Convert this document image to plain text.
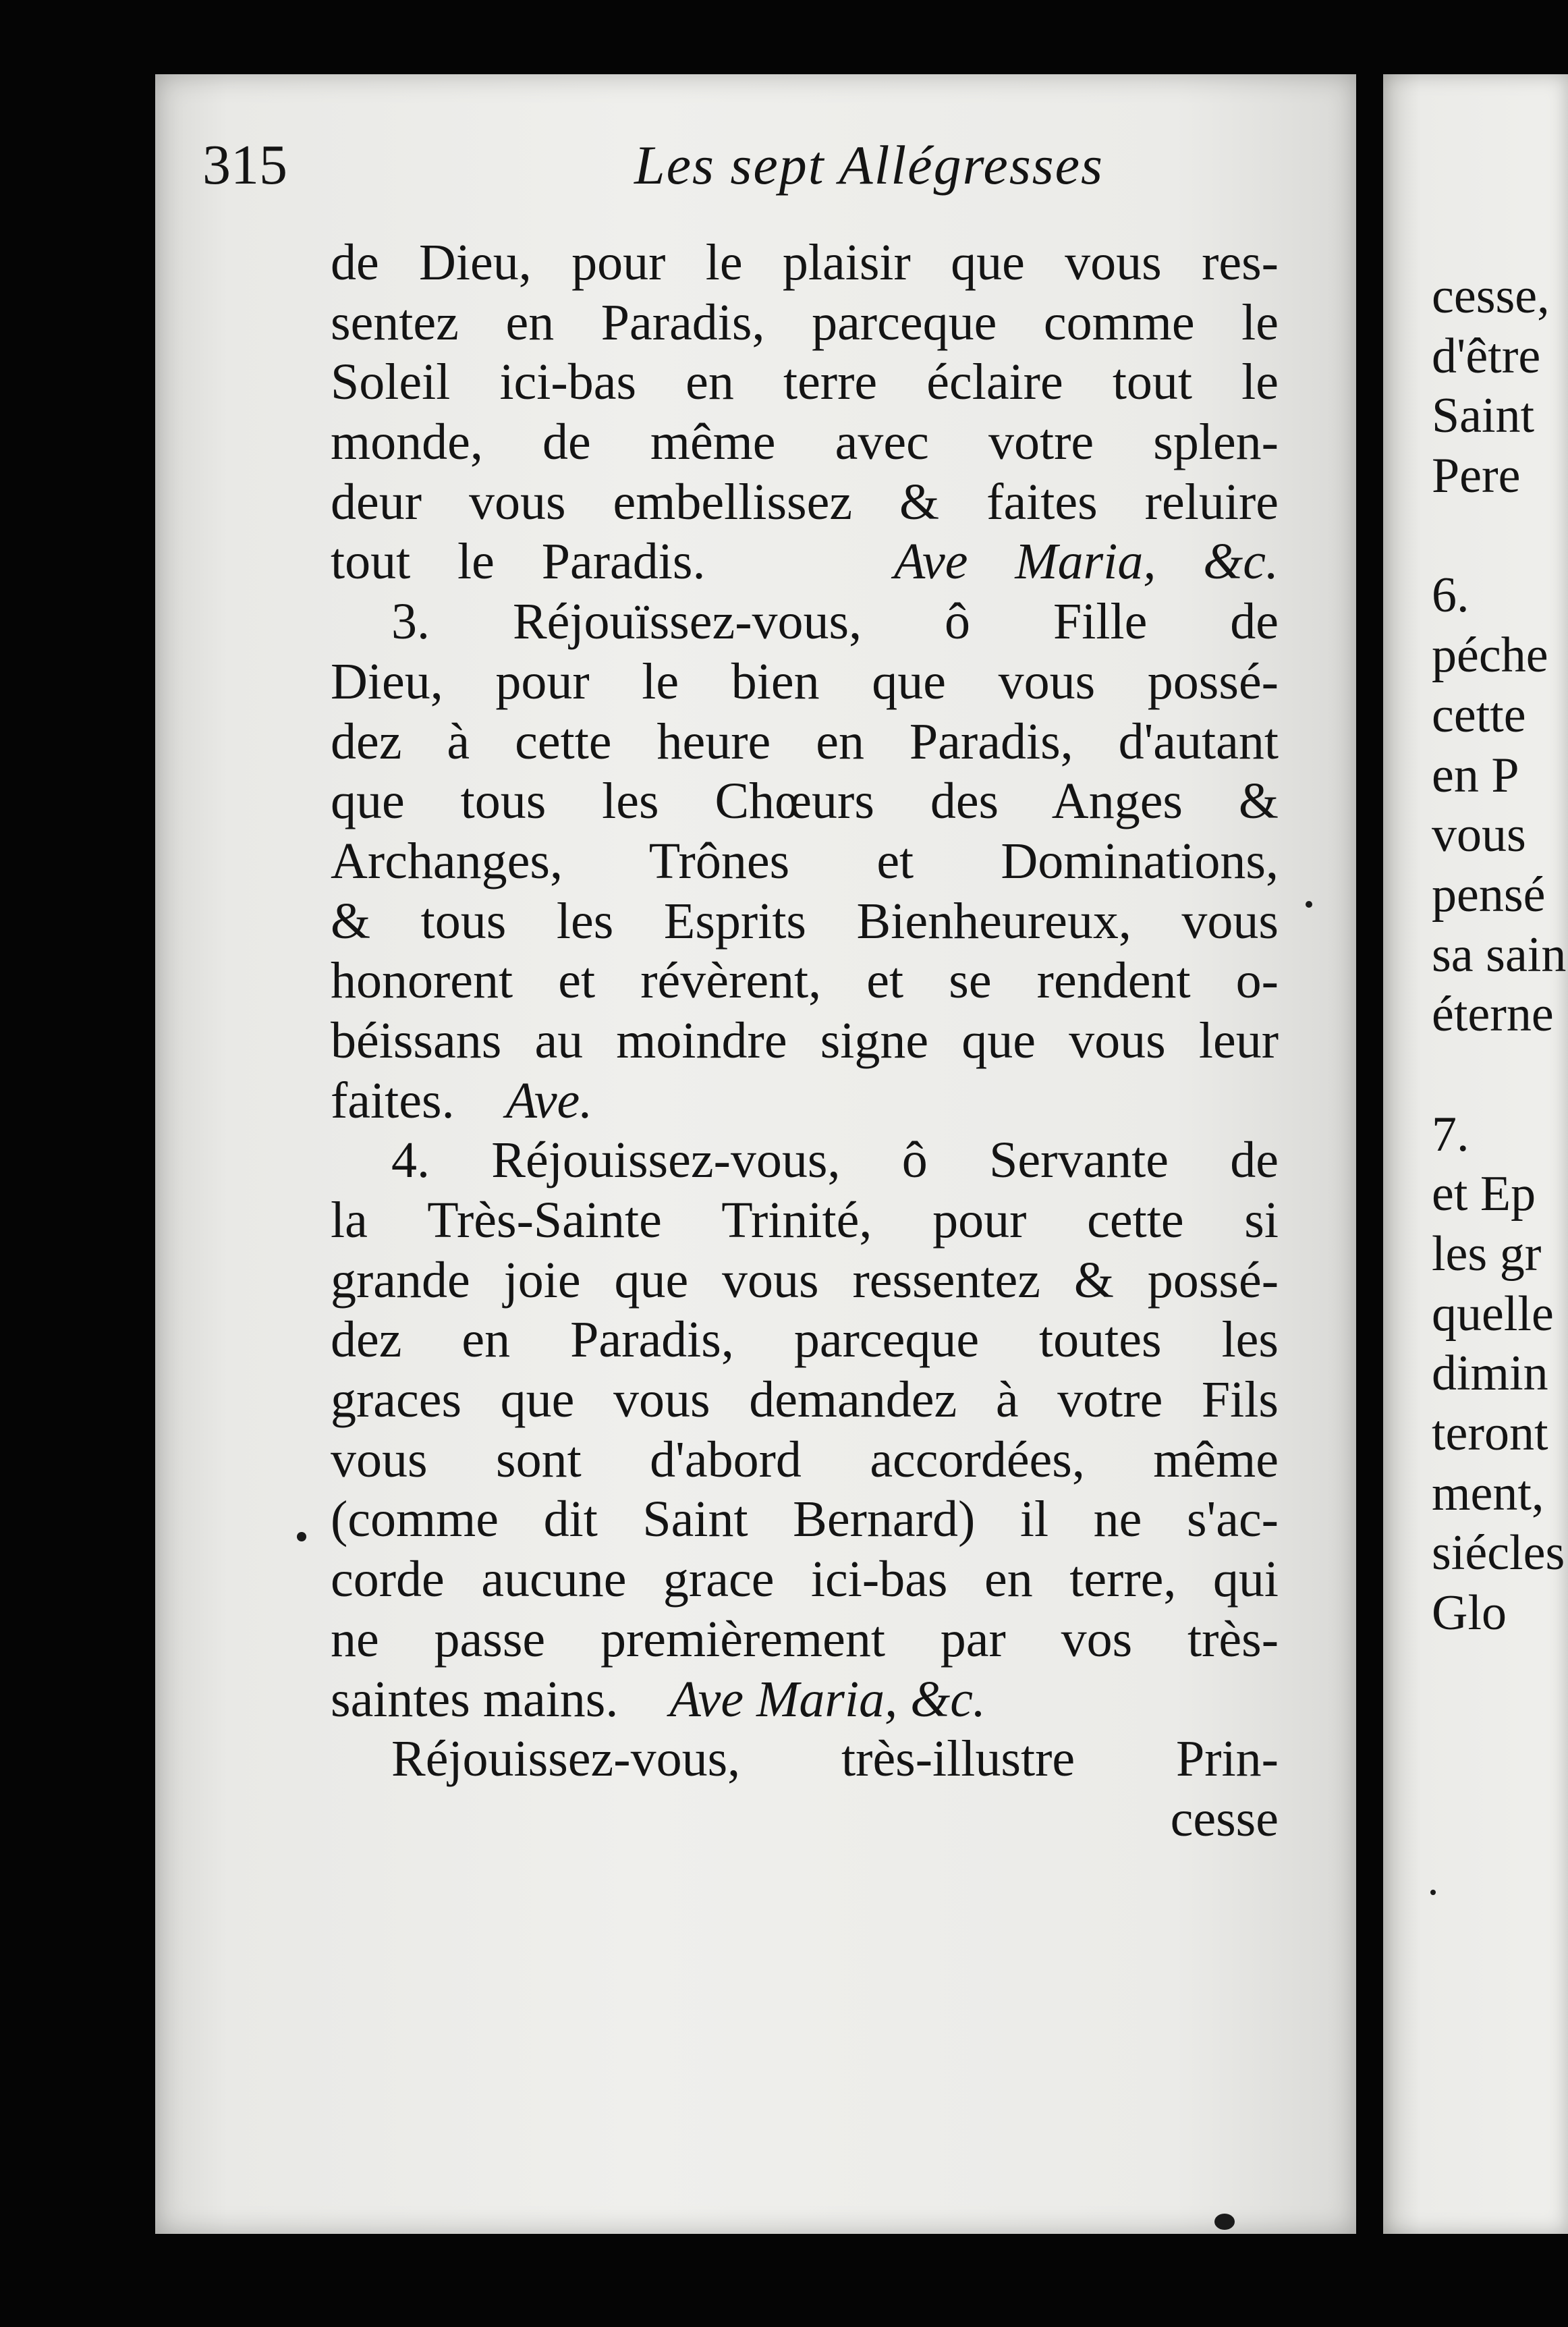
315	Les sept Allégresses
de Dieu, pour le plaisir que vous res-
sentez en Paradis, parceque comme le
Soleil ici-bas en terre éclaire tout le
monde, de même avec votre splen-
deur vous embellissez & faites reluire
tout le Paradis.	Ave Maria, &c.
3. Réjouïssez-vous, ô Fille de
Dieu, pour le bien que vous possé-
dez à cette heure en Paradis, d'autant
que tous les Chœurs des Anges &
Archanges, Trônes et Dominations,
& tous les Esprits Bienheureux, vous
honorent et révèrent, et se rendent o-
béissans au moindre signe que vous leur
faites. Ave.
4. Réjouissez-vous, ô Servante de
la Très-Sainte Trinité, pour cette si
grande joie que vous ressentez & possé-
dez en Paradis, parceque toutes les
graces que vous demandez à votre Fils
vous sont d'abord accordées, même
(comme dit Saint Bernard) il ne s'ac-
corde aucune grace ici-bas en terre, qui
ne passe premièrement par vos très-
saintes mains. Ave Maria, &c.
Réjouissez-vous, très-illustre Prin-
cesse
cesse,
d'être
Saint
Pere
6.
péche
cette
en P
vous
pensé
sa sain
éterne
7.
et Ep
les gr
quelle
dimin
teront
ment,
siécles
Glo
